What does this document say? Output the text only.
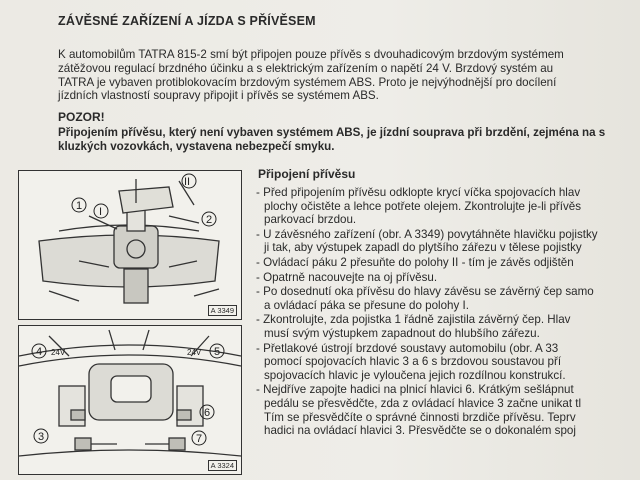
ZÁVĚSNÉ ZAŘÍZENÍ A JÍZDA S PŘÍVĚSEM
K automobilům TATRA 815-2 smí být připojen pouze přívěs s dvouhadicovým brzdovým systémem
zátěžovou regulací brzdného účinku a s elektrickým zařízením o napětí 24 V. Brzdový systém au
TATRA je vybaven protiblokovacím brzdovým systémem ABS. Proto je nejvýhodnější pro docílení
jízdních vlastností soupravy připojit i přívěs se systémem ABS.
POZOR!
Připojením přívěsu, který není vybaven systémem ABS, je jízdní souprava při brzdění, zejména na s
kluzkých vozovkách, vystavena nebezpečí smyku.
1
2
II
I
A 3349
4 24V	5
24V
3
6
7
A 3324
Připojení přívěsu
- Před připojením přívěsu odklopte krycí víčka spojovacích hlav
plochy očistěte a lehce potřete olejem. Zkontrolujte je-li přívěs
parkovací brzdou.
- U závěsného zařízení (obr. A 3349) povytáhněte hlavičku pojistky
ji tak, aby výstupek zapadl do plytšího zářezu v tělese pojistky
- Ovládací páku 2 přesuňte do polohy II - tím je závěs odjištěn
- Opatrně nacouvejte na oj přívěsu.
- Po dosednutí oka přívěsu do hlavy závěsu se závěrný čep samo
a ovládací páka se přesune do polohy I.
- Zkontrolujte, zda pojistka 1 řádně zajistila závěrný čep. Hlav
musí svým výstupkem zapadnout do hlubšího zářezu.
- Přetlakové ústrojí brzdové soustavy automobilu (obr. A 33
pomocí spojovacích hlavic 3 a 6 s brzdovou soustavou pří
spojovacích hlavic je vyloučena jejich rozdílnou konstrukcí.
- Nejdříve zapojte hadici na plnicí hlavici 6. Krátkým sešlápnut
pedálu se přesvědčte, zda z ovládací hlavice 3 začne unikat tl
Tím se přesvědčíte o správné činnosti brzdiče přívěsu. Teprv
hadici na ovládací hlavici 3. Přesvědčte se o dokonalém spoj
